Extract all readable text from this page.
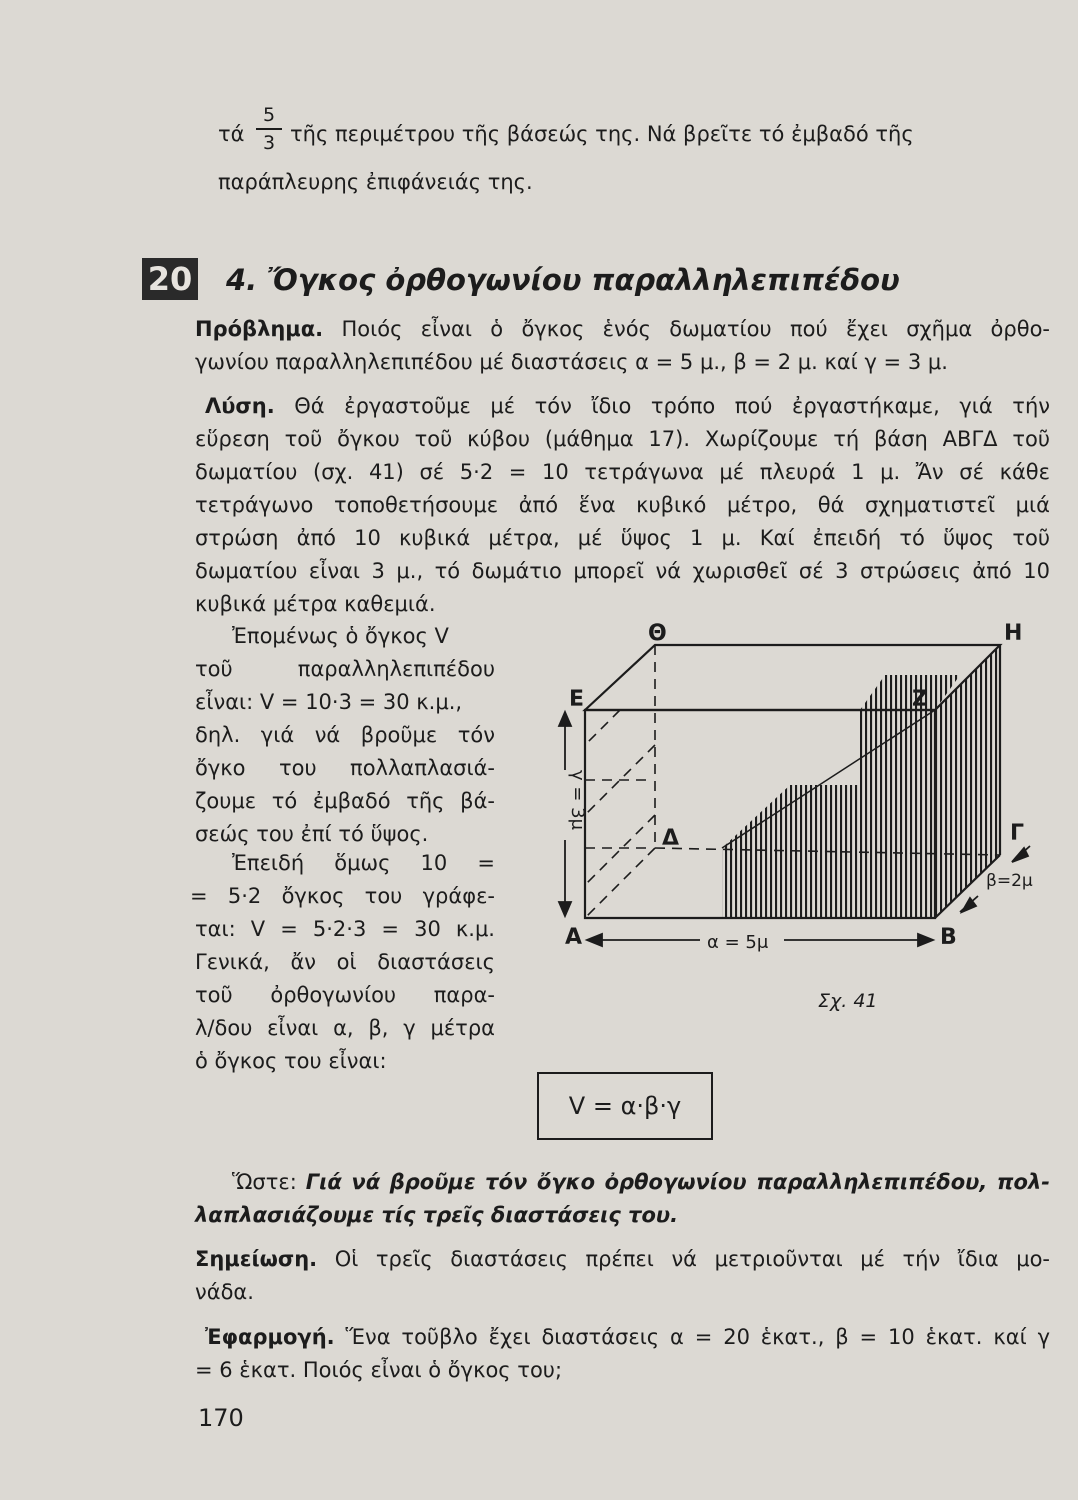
5
3

τά τῆς περιμέτρου τῆς βάσεώς της. Νά βρεῖτε τό ἐμβαδό τῆς

παράπλευρης ἐπιφάνειάς της.

20 4. Ὄγκος ὀρθογωνίου παραλληλεπιπέδου

Πρόβλημα. Ποιός εἶναι ὁ ὄγκος ἑνός δωματίου πού ἔχει σχῆμα ὀρθο-

γωνίου παραλληλεπιπέδου μέ διαστάσεις α = 5 μ., β = 2 μ. καί γ = 3 μ.

Λύση. Θά ἐργαστοῦμε μέ τόν ἴδιο τρόπο πού ἐργαστήκαμε, γιά τήν

εὕρεση τοῦ ὄγκου τοῦ κύβου (μάθημα 17). Χωρίζουμε τή βάση ΑΒΓΔ τοῦ

δωματίου (σχ. 41) σέ 5·2 = 10 τετράγωνα μέ πλευρά 1 μ. Ἄν σέ κάθε

τετράγωνο τοποθετήσουμε ἀπό ἕνα κυβικό μέτρο, θά σχηματιστεῖ μιά

στρώση ἀπό 10 κυβικά μέτρα, μέ ὕψος 1 μ. Καί ἐπειδή τό ὕψος τοῦ

δωματίου εἶναι 3 μ., τό δωμάτιο μπορεῖ νά χωρισθεῖ σέ 3 στρώσεις ἀπό 10

κυβικά μέτρα καθεμιά.

Ἐπομένως ὁ ὄγκος V

τοῦ παραλληλεπιπέδου

εἶναι: V = 10·3 = 30 κ.μ.,

δηλ. γιά νά βροῦμε τόν

ὄγκο του πολλαπλασιά-

ζουμε τό ἐμβαδό τῆς βά-

σεώς του ἐπί τό ὕψος.

Ἐπειδή ὅμως 10 =

= 5·2 ὄγκος του γράφε-

ται: V = 5·2·3 = 30 κ.μ.

Γενικά, ἄν οἱ διαστάσεις

τοῦ ὀρθογωνίου παρα-

λ/δου εἶναι α, β, γ μέτρα

ὁ ὄγκος του εἶναι:

Θ	Η
Ε	Ζ
Δ	Γ
Α	Β
α = 5μ
β=2μ
γ = 3μ
Σχ. 41
V = α·β·γ

Ὥστε: Γιά νά βροῦμε τόν ὄγκο ὀρθογωνίου παραλληλεπιπέδου, πολ-

λαπλασιάζουμε τίς τρεῖς διαστάσεις του.

Σημείωση. Οἱ τρεῖς διαστάσεις πρέπει νά μετριοῦνται μέ τήν ἴδια μο-

νάδα.

Ἐφαρμογή. Ἕνα τοῦβλο ἔχει διαστάσεις α = 20 ἑκατ., β = 10 ἑκατ. καί γ

= 6 ἑκατ. Ποιός εἶναι ὁ ὄγκος του;

170
